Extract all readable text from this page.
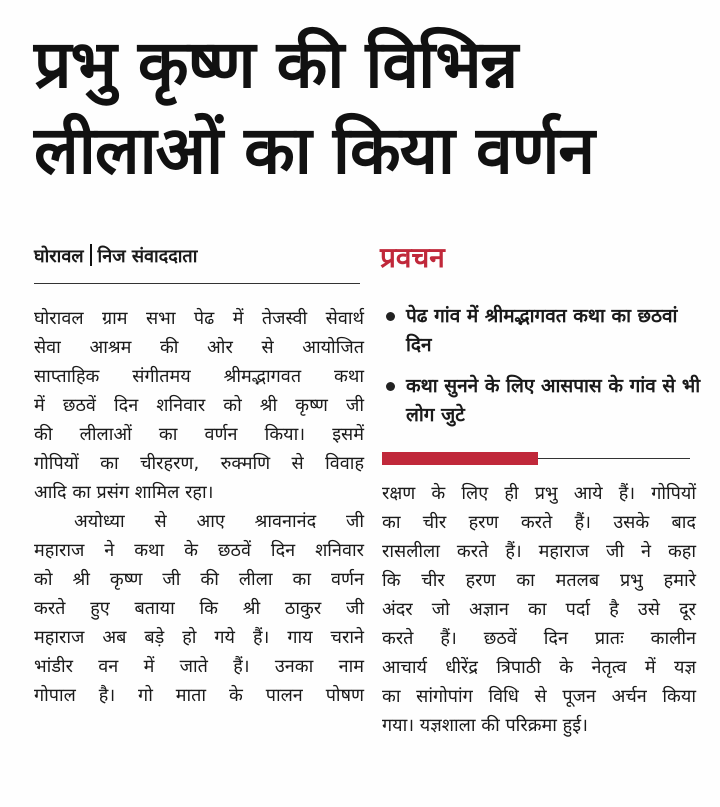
प्रभु कृष्ण की विभिन्न
लीलाओं का किया वर्णन
घोरावल निज संवाददाता

घोरावल ग्राम सभा पेढ में तेजस्वी सेवार्थ

सेवा आश्रम की ओर से आयोजित

साप्ताहिक संगीतमय श्रीमद्भागवत कथा

में छठवें दिन शनिवार को श्री कृष्ण जी

की लीलाओं का वर्णन किया। इसमें

गोपियों का चीरहरण, रुक्मणि से विवाह

आदि का प्रसंग शामिल रहा।

अयोध्या से आए श्रावनानंद जी

महाराज ने कथा के छठवें दिन शनिवार

को श्री कृष्ण जी की लीला का वर्णन

करते हुए बताया कि श्री ठाकुर जी

महाराज अब बड़े हो गये हैं। गाय चराने

भांडीर वन में जाते हैं। उनका नाम

गोपाल है। गो माता के पालन पोषण

प्रवचन
पेढ गांव में श्रीमद्भागवत कथा का छठवां दिन
कथा सुनने के लिए आसपास के गांव से भी लोग जुटे

रक्षण के लिए ही प्रभु आये हैं। गोपियों

का चीर हरण करते हैं। उसके बाद

रासलीला करते हैं। महाराज जी ने कहा

कि चीर हरण का मतलब प्रभु हमारे

अंदर जो अज्ञान का पर्दा है उसे दूर

करते हैं। छठवें दिन प्रातः कालीन

आचार्य धीरेंद्र त्रिपाठी के नेतृत्व में यज्ञ

का सांगोपांग विधि से पूजन अर्चन किया

गया। यज्ञशाला की परिक्रमा हुई।
